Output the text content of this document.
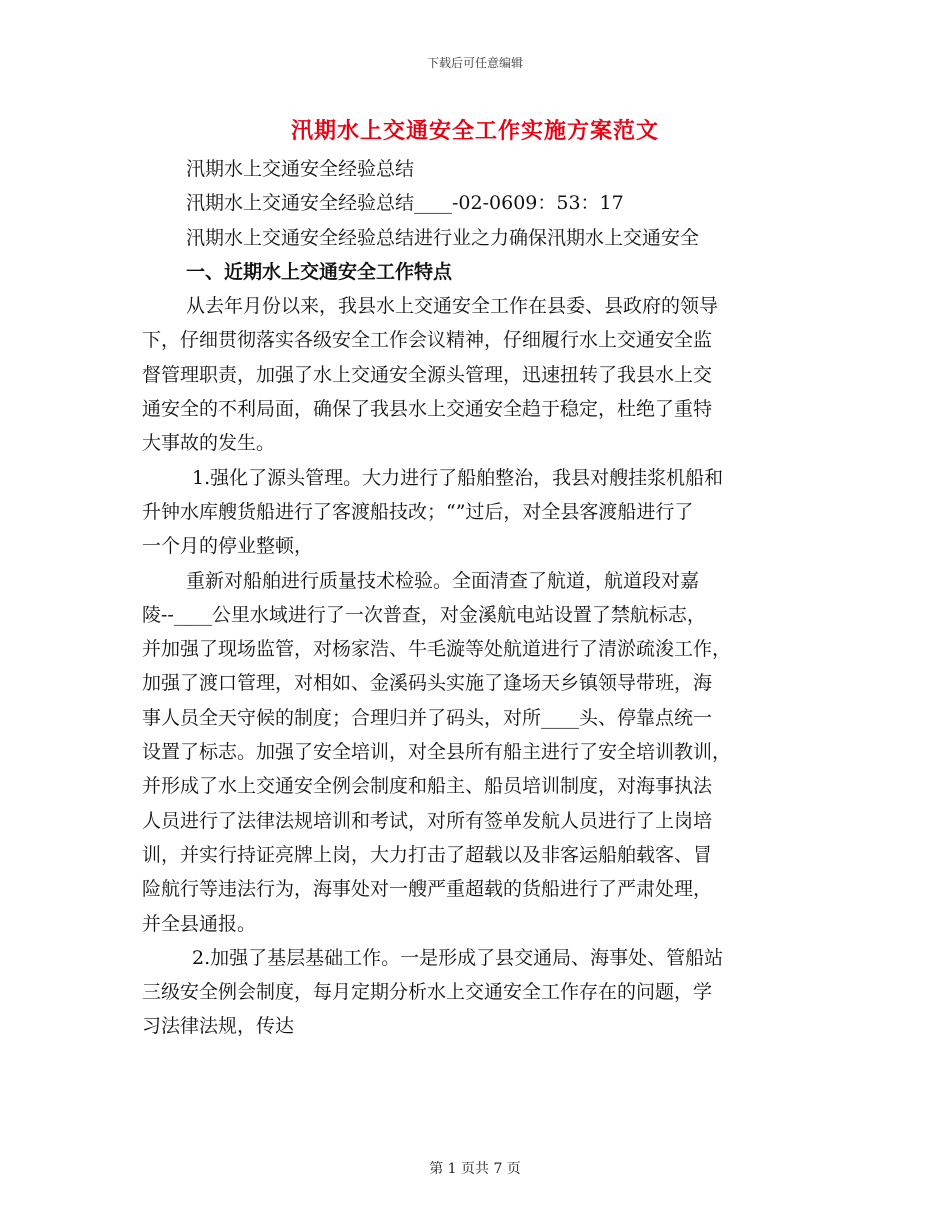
下载后可任意编辑
汛期水上交通安全工作实施方案范文
汛期水上交通安全经验总结
汛期水上交通安全经验总结____-02-0609：53：17
汛期水上交通安全经验总结进行业之力确保汛期水上交通安全
一、近期水上交通安全工作特点
从去年月份以来，我县水上交通安全工作在县委、县政府的领导
下，仔细贯彻落实各级安全工作会议精神，仔细履行水上交通安全监
督管理职责，加强了水上交通安全源头管理，迅速扭转了我县水上交
通安全的不利局面，确保了我县水上交通安全趋于稳定，杜绝了重特
大事故的发生。
1.强化了源头管理。大力进行了船舶整治，我县对艘挂浆机船和
升钟水库艘货船进行了客渡船技改；“”过后，对全县客渡船进行了
一个月的停业整顿，
重新对船舶进行质量技术检验。全面清查了航道，航道段对嘉
陵--____公里水域进行了一次普查，对金溪航电站设置了禁航标志，
并加强了现场监管，对杨家浩、牛毛漩等处航道进行了清淤疏浚工作，
加强了渡口管理，对相如、金溪码头实施了逢场天乡镇领导带班，海
事人员全天守候的制度；合理归并了码头，对所____头、停靠点统一
设置了标志。加强了安全培训，对全县所有船主进行了安全培训教训，
并形成了水上交通安全例会制度和船主、船员培训制度，对海事执法
人员进行了法律法规培训和考试，对所有签单发航人员进行了上岗培
训，并实行持证亮牌上岗，大力打击了超载以及非客运船舶载客、冒
险航行等违法行为，海事处对一艘严重超载的货船进行了严肃处理，
并全县通报。
2.加强了基层基础工作。一是形成了县交通局、海事处、管船站
三级安全例会制度，每月定期分析水上交通安全工作存在的问题，学
习法律法规，传达
第 1 页共 7 页
